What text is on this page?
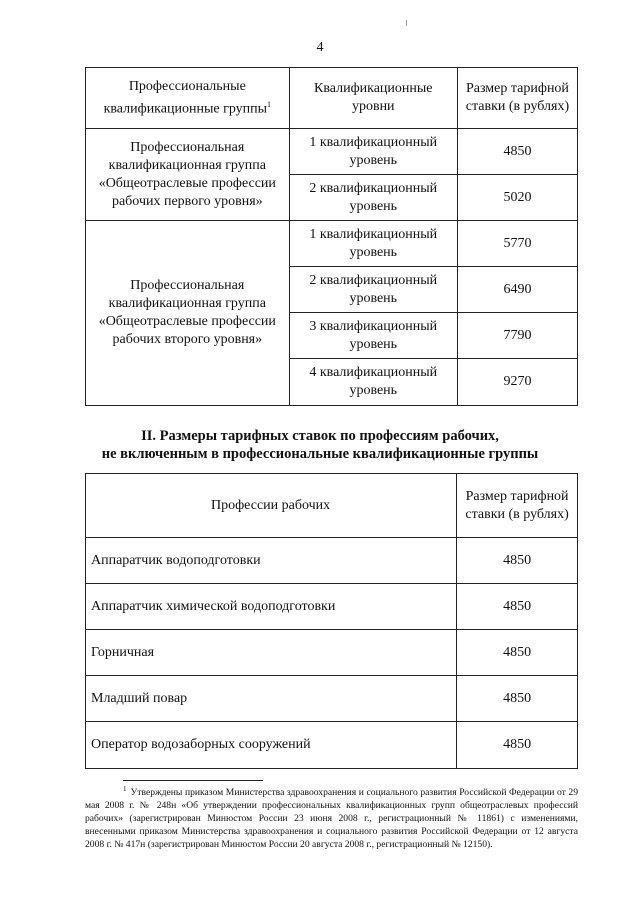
4
Профессиональные квалификационные группы$^1$	Квалификационные уровни	Размер тарифной ставки (в рублях)
Профессиональная квалификационная группа «Общеотраслевые профессии рабочих первого уровня»	1 квалификационный уровень	4850
	2 квалификационный уровень	5020
Профессиональная квалификационная группа «Общеотраслевые профессии рабочих второго уровня»	1 квалификационный уровень	5770
	2 квалификационный уровень	6490
	3 квалификационный уровень	7790
	4 квалификационный уровень	9270
II. Размеры тарифных ставок по профессиям рабочих,
не включенным в профессиональные квалификационные группы
Профессии рабочих	Размер тарифной ставки (в рублях)
Аппаратчик водоподготовки	4850
Аппаратчик химической водоподготовки	4850
Горничная	4850
Младший повар	4850
Оператор водозаборных сооружений	4850
$^1$ Утверждены приказом Министерства здравоохранения и социального развития Российской Федерации от 29 мая 2008 г. № 248н «Об утверждении профессиональных квалификационных групп общеотраслевых профессий рабочих» (зарегистрирован Минюстом России 23 июня 2008 г., регистрационный № 11861) с изменениями, внесенными приказом Министерства здравоохранения и социального развития Российской Федерации от 12 августа 2008 г. № 417н (зарегистрирован Минюстом России 20 августа 2008 г., регистрационный № 12150).
